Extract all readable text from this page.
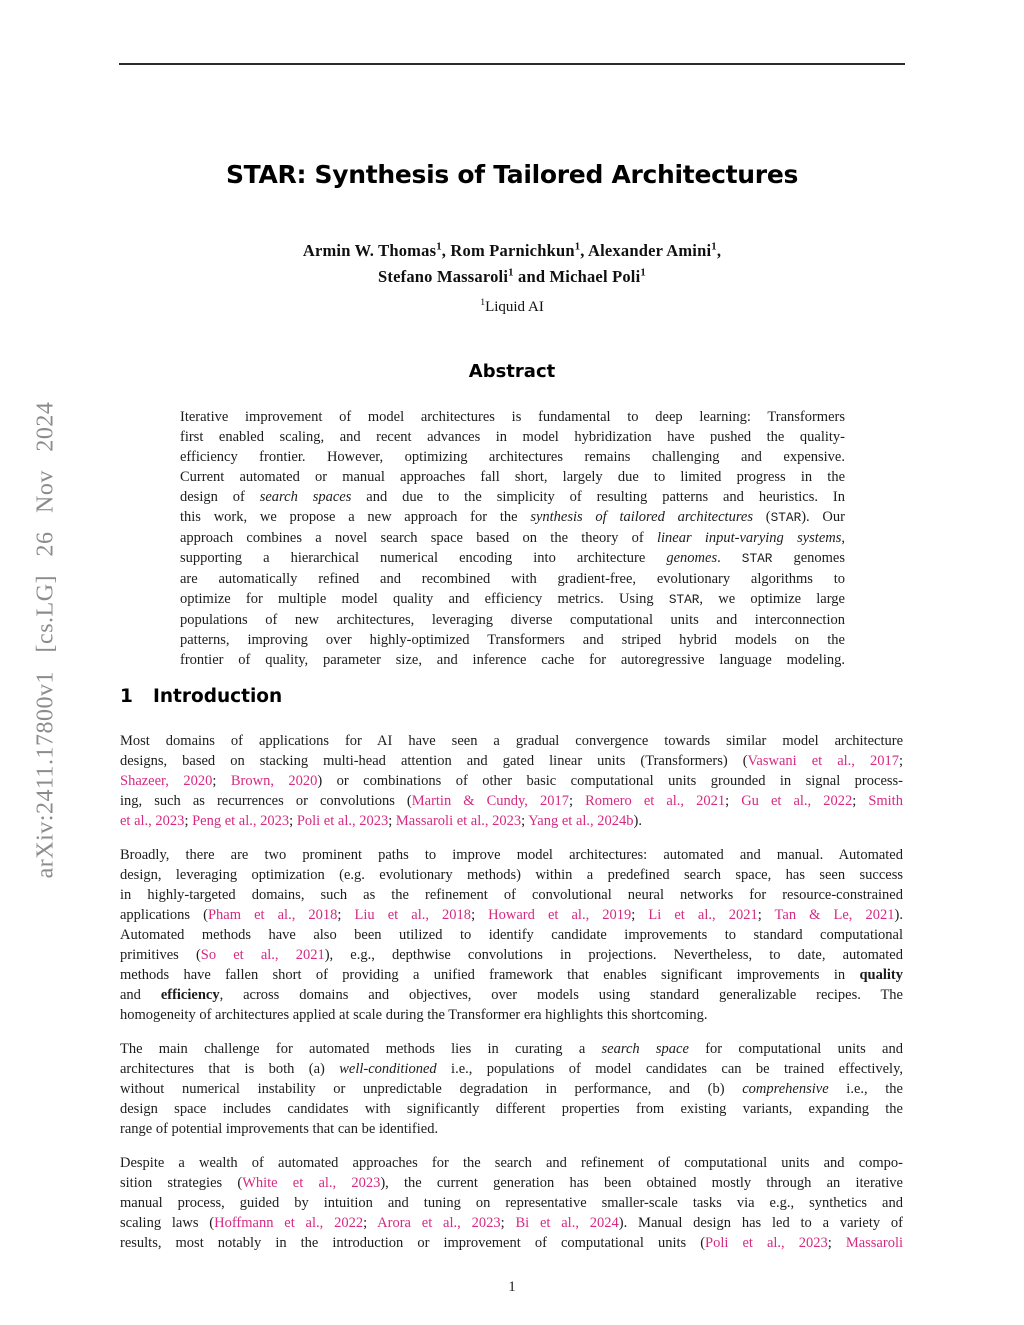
arXiv:2411.17800v1 [cs.LG] 26 Nov 2024
STAR: Synthesis of Tailored Architectures
Armin W. Thomas$^1$, Rom Parnichkun$^1$, Alexander Amini$^1$,
Stefano Massaroli$^1$ and Michael Poli$^1$
$^1$Liquid AI
Abstract
Iterative improvement of model architectures is fundamental to deep learning: Transformers
first enabled scaling, and recent advances in model hybridization have pushed the quality-
efficiency frontier. However, optimizing architectures remains challenging and expensive.
Current automated or manual approaches fall short, largely due to limited progress in the
design of search spaces and due to the simplicity of resulting patterns and heuristics. In
this work, we propose a new approach for the synthesis of tailored architectures (STAR). Our
approach combines a novel search space based on the theory of linear input-varying systems,
supporting a hierarchical numerical encoding into architecture genomes. STAR genomes
are automatically refined and recombined with gradient-free, evolutionary algorithms to
optimize for multiple model quality and efficiency metrics. Using STAR, we optimize large
populations of new architectures, leveraging diverse computational units and interconnection
patterns, improving over highly-optimized Transformers and striped hybrid models on the
frontier of quality, parameter size, and inference cache for autoregressive language modeling.
1 Introduction
Most domains of applications for AI have seen a gradual convergence towards similar model architecture
designs, based on stacking multi-head attention and gated linear units (Transformers) (Vaswani et al., 2017;
Shazeer, 2020; Brown, 2020) or combinations of other basic computational units grounded in signal process-
ing, such as recurrences or convolutions (Martin & Cundy, 2017; Romero et al., 2021; Gu et al., 2022; Smith
et al., 2023; Peng et al., 2023; Poli et al., 2023; Massaroli et al., 2023; Yang et al., 2024b).
Broadly, there are two prominent paths to improve model architectures: automated and manual. Automated
design, leveraging optimization (e.g. evolutionary methods) within a predefined search space, has seen success
in highly-targeted domains, such as the refinement of convolutional neural networks for resource-constrained
applications (Pham et al., 2018; Liu et al., 2018; Howard et al., 2019; Li et al., 2021; Tan & Le, 2021).
Automated methods have also been utilized to identify candidate improvements to standard computational
primitives (So et al., 2021), e.g., depthwise convolutions in projections. Nevertheless, to date, automated
methods have fallen short of providing a unified framework that enables significant improvements in quality
and efficiency, across domains and objectives, over models using standard generalizable recipes. The
homogeneity of architectures applied at scale during the Transformer era highlights this shortcoming.
The main challenge for automated methods lies in curating a search space for computational units and
architectures that is both (a) well-conditioned i.e., populations of model candidates can be trained effectively,
without numerical instability or unpredictable degradation in performance, and (b) comprehensive i.e., the
design space includes candidates with significantly different properties from existing variants, expanding the
range of potential improvements that can be identified.
Despite a wealth of automated approaches for the search and refinement of computational units and compo-
sition strategies (White et al., 2023), the current generation has been obtained mostly through an iterative
manual process, guided by intuition and tuning on representative smaller-scale tasks via e.g., synthetics and
scaling laws (Hoffmann et al., 2022; Arora et al., 2023; Bi et al., 2024). Manual design has led to a variety of
results, most notably in the introduction or improvement of computational units (Poli et al., 2023; Massaroli
1
